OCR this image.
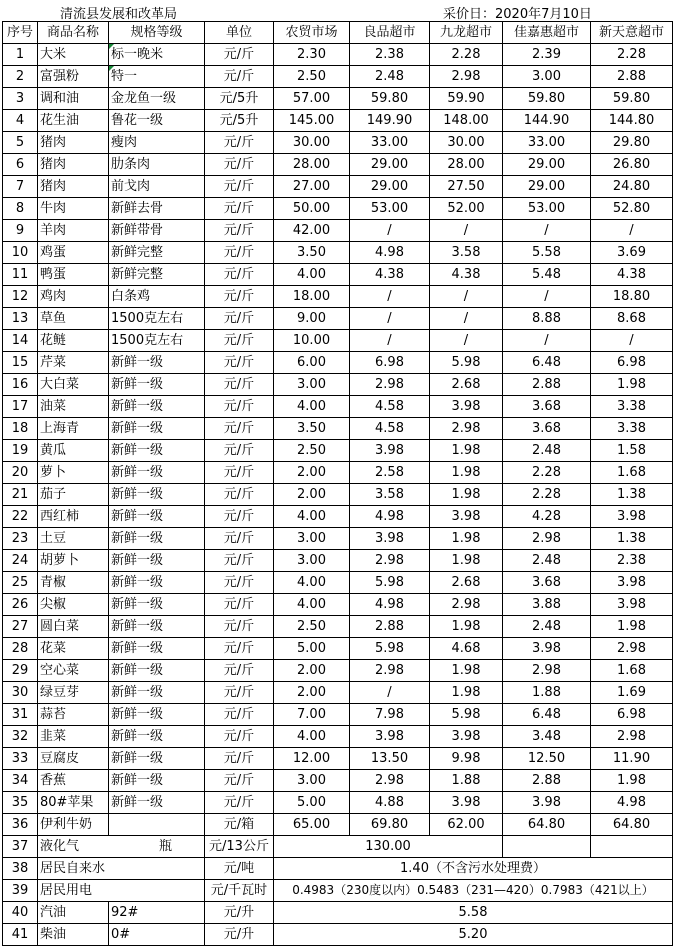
清流县发展和改革局	采价日：2020年7月10日
序号	商品名称	规格等级	单位	农贸市场	良品超市	九龙超市	佳嘉惠超市	新天意超市
1	大米	标一晚米	元/斤	2.30	2.38	2.28	2.39	2.28
2	富强粉	特一	元/斤	2.50	2.48	2.98	3.00	2.88
3	调和油	金龙鱼一级	元/5升	57.00	59.80	59.90	59.80	59.80
4	花生油	鲁花一级	元/5升	145.00	149.90	148.00	144.90	144.80
5	猪肉	瘦肉	元/斤	30.00	33.00	30.00	33.00	29.80
6	猪肉	肋条肉	元/斤	28.00	29.00	28.00	29.00	26.80
7	猪肉	前戈肉	元/斤	27.00	29.00	27.50	29.00	24.80
8	牛肉	新鲜去骨	元/斤	50.00	53.00	52.00	53.00	52.80
9	羊肉	新鲜带骨	元/斤	42.00	/	/	/	/
10	鸡蛋	新鲜完整	元/斤	3.50	4.98	3.58	5.58	3.69
11	鸭蛋	新鲜完整	元/斤	4.00	4.38	4.38	5.48	4.38
12	鸡肉	白条鸡	元/斤	18.00	/	/	/	18.80
13	草鱼	1500克左右	元/斤	9.00	/	/	8.88	8.68
14	花鲢	1500克左右	元/斤	10.00	/	/	/	/
15	芹菜	新鲜一级	元/斤	6.00	6.98	5.98	6.48	6.98
16	大白菜	新鲜一级	元/斤	3.00	2.98	2.68	2.88	1.98
17	油菜	新鲜一级	元/斤	4.00	4.58	3.98	3.68	3.38
18	上海青	新鲜一级	元/斤	3.50	4.58	2.98	3.68	3.38
19	黄瓜	新鲜一级	元/斤	2.50	3.98	1.98	2.48	1.58
20	萝卜	新鲜一级	元/斤	2.00	2.58	1.98	2.28	1.68
21	茄子	新鲜一级	元/斤	2.00	3.58	1.98	2.28	1.38
22	西红柿	新鲜一级	元/斤	4.00	4.98	3.98	4.28	3.98
23	土豆	新鲜一级	元/斤	3.00	3.98	1.98	2.98	1.38
24	胡萝卜	新鲜一级	元/斤	3.00	2.98	1.98	2.48	2.38
25	青椒	新鲜一级	元/斤	4.00	5.98	2.68	3.68	3.98
26	尖椒	新鲜一级	元/斤	4.00	4.98	2.98	3.88	3.98
27	圆白菜	新鲜一级	元/斤	2.50	2.88	1.98	2.48	1.98
28	花菜	新鲜一级	元/斤	5.00	5.98	4.68	3.98	2.98
29	空心菜	新鲜一级	元/斤	2.00	2.98	1.98	2.98	1.68
30	绿豆芽	新鲜一级	元/斤	2.00	/	1.98	1.88	1.69
31	蒜苔	新鲜一级	元/斤	7.00	7.98	5.98	6.48	6.98
32	韭菜	新鲜一级	元/斤	4.00	3.98	3.98	3.48	2.98
33	豆腐皮	新鲜一级	元/斤	12.00	13.50	9.98	12.50	11.90
34	香蕉	新鲜一级	元/斤	3.00	2.98	1.88	2.88	1.98
35	80#苹果	新鲜一级	元/斤	5.00	4.88	3.98	3.98	4.98
36	伊利牛奶		元/箱	65.00	69.80	62.00	64.80	64.80
37	液化气 瓶		元/13公斤	130.00				
38	居民自来水		元/吨	1.40（不含污水处理费）				
39	居民用电		元/千瓦时	0.4983（230度以内）0.5483（231—420）0.7983（421以上）				
40	汽油	92#	元/升	5.58				
41	柴油	0#	元/升	5.20				
